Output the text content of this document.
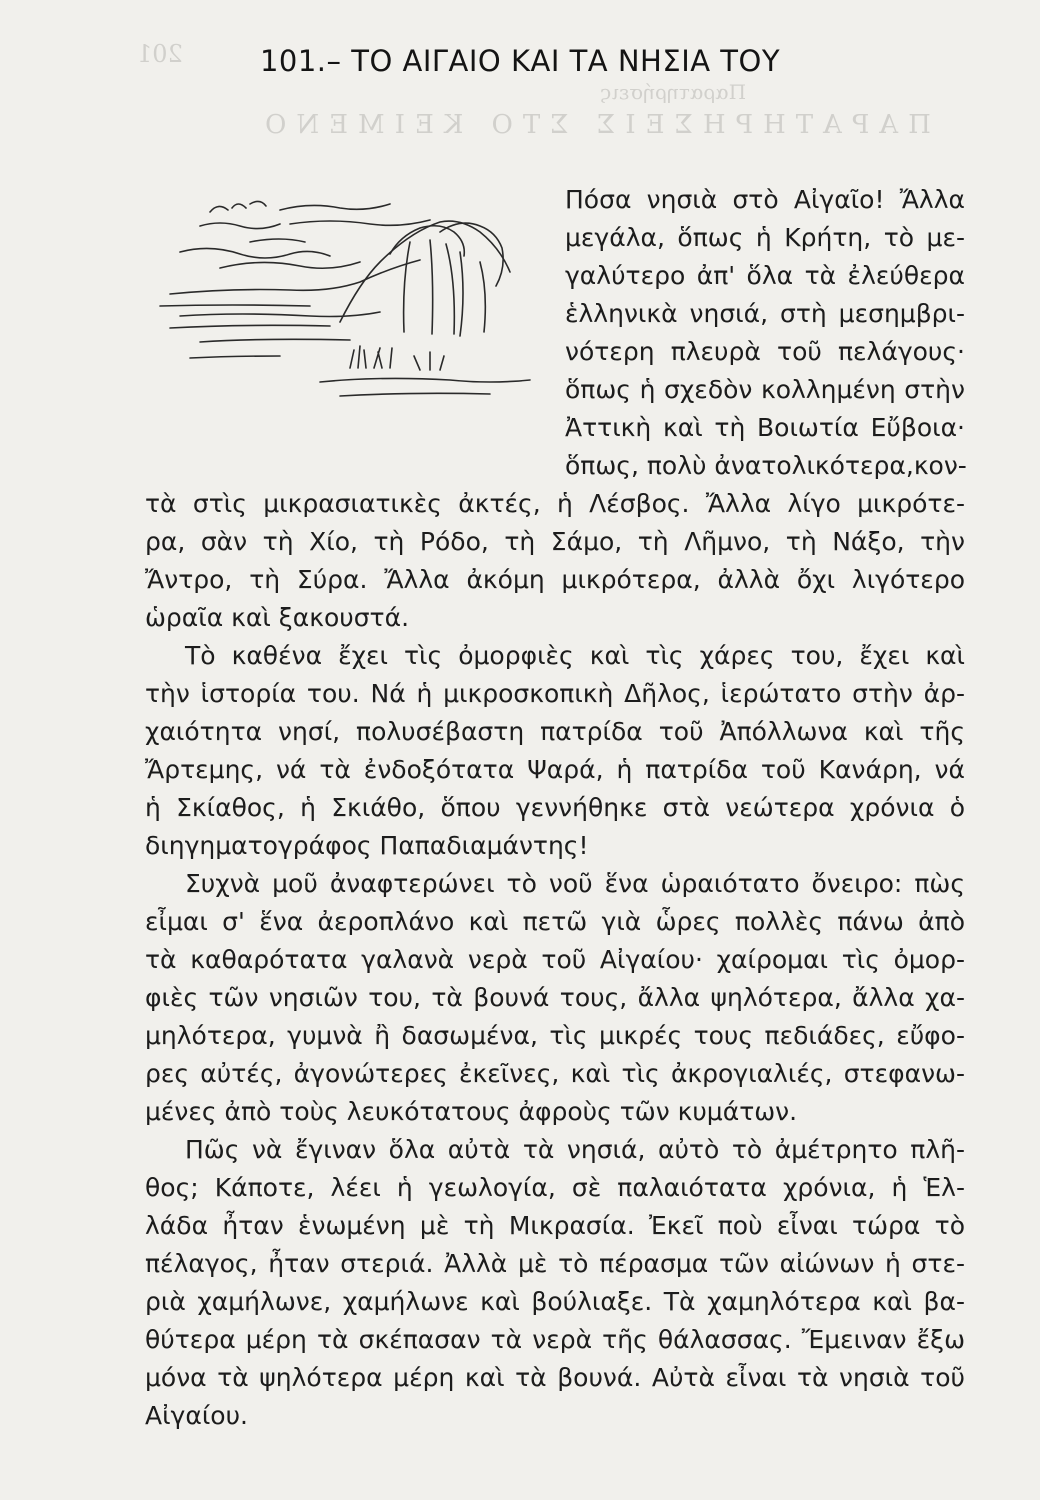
201
Παρατηρήσεις
ΠΑΡΑΤΗΡΗΣΕΙΣ ΣΤΟ ΚΕΙΜΕΝΟ
101.– ΤΟ ΑΙΓΑΙΟ ΚΑΙ ΤΑ ΝΗΣΙΑ ΤΟΥ
Πόσα νησιὰ στὸ Αἰγαῖο! Ἄλλα
μεγάλα, ὅπως ἡ Κρήτη, τὸ με-
γαλύτερο ἀπ' ὅλα τὰ ἐλεύθερα
ἑλληνικὰ νησιά, στὴ μεσημβρι-
νότερη πλευρὰ τοῦ πελάγους·
ὅπως ἡ σχεδὸν κολλημένη στὴν
Ἀττικὴ καὶ τὴ Βοιωτία Εὔβοια·
ὅπως, πολὺ ἀνατολικότερα,κον-
τὰ στὶς μικρασιατικὲς ἀκτές, ἡ Λέσβος. Ἄλλα λίγο μικρότε-
ρα, σὰν τὴ Χίο, τὴ Ρόδο, τὴ Σάμο, τὴ Λῆμνο, τὴ Νάξο, τὴν
Ἄντρο, τὴ Σύρα. Ἄλλα ἀκόμη μικρότερα, ἀλλὰ ὄχι λιγότερο
ὡραῖα καὶ ξακουστά.
Τὸ καθένα ἔχει τὶς ὀμορφιὲς καὶ τὶς χάρες του, ἔχει καὶ
τὴν ἱστορία του. Νά ἡ μικροσκοπικὴ Δῆλος, ἱερώτατο στὴν ἀρ-
χαιότητα νησί, πολυσέβαστη πατρίδα τοῦ Ἀπόλλωνα καὶ τῆς
Ἄρτεμης, νά τὰ ἐνδοξότατα Ψαρά, ἡ πατρίδα τοῦ Κανάρη, νά
ἡ Σκίαθος, ἡ Σκιάθο, ὅπου γεννήθηκε στὰ νεώτερα χρόνια ὁ
διηγηματογράφος Παπαδιαμάντης!
Συχνὰ μοῦ ἀναφτερώνει τὸ νοῦ ἕνα ὡραιότατο ὄνειρο: πὼς
εἶμαι σ' ἕνα ἀεροπλάνο καὶ πετῶ γιὰ ὧρες πολλὲς πάνω ἀπὸ
τὰ καθαρότατα γαλανὰ νερὰ τοῦ Αἰγαίου· χαίρομαι τὶς ὀμορ-
φιὲς τῶν νησιῶν του, τὰ βουνά τους, ἄλλα ψηλότερα, ἄλλα χα-
μηλότερα, γυμνὰ ἢ δασωμένα, τὶς μικρές τους πεδιάδες, εὔφο-
ρες αὐτές, ἀγονώτερες ἐκεῖνες, καὶ τὶς ἀκρογιαλιές, στεφανω-
μένες ἀπὸ τοὺς λευκότατους ἀφροὺς τῶν κυμάτων.
Πῶς νὰ ἔγιναν ὅλα αὐτὰ τὰ νησιά, αὐτὸ τὸ ἀμέτρητο πλῆ-
θος; Κάποτε, λέει ἡ γεωλογία, σὲ παλαιότατα χρόνια, ἡ Ἑλ-
λάδα ἦταν ἑνωμένη μὲ τὴ Μικρασία. Ἐκεῖ ποὺ εἶναι τώρα τὸ
πέλαγος, ἦταν στεριά. Ἀλλὰ μὲ τὸ πέρασμα τῶν αἰώνων ἡ στε-
ριὰ χαμήλωνε, χαμήλωνε καὶ βούλιαξε. Τὰ χαμηλότερα καὶ βα-
θύτερα μέρη τὰ σκέπασαν τὰ νερὰ τῆς θάλασσας. Ἔμειναν ἔξω
μόνα τὰ ψηλότερα μέρη καὶ τὰ βουνά. Αὐτὰ εἶναι τὰ νησιὰ τοῦ
Αἰγαίου.
